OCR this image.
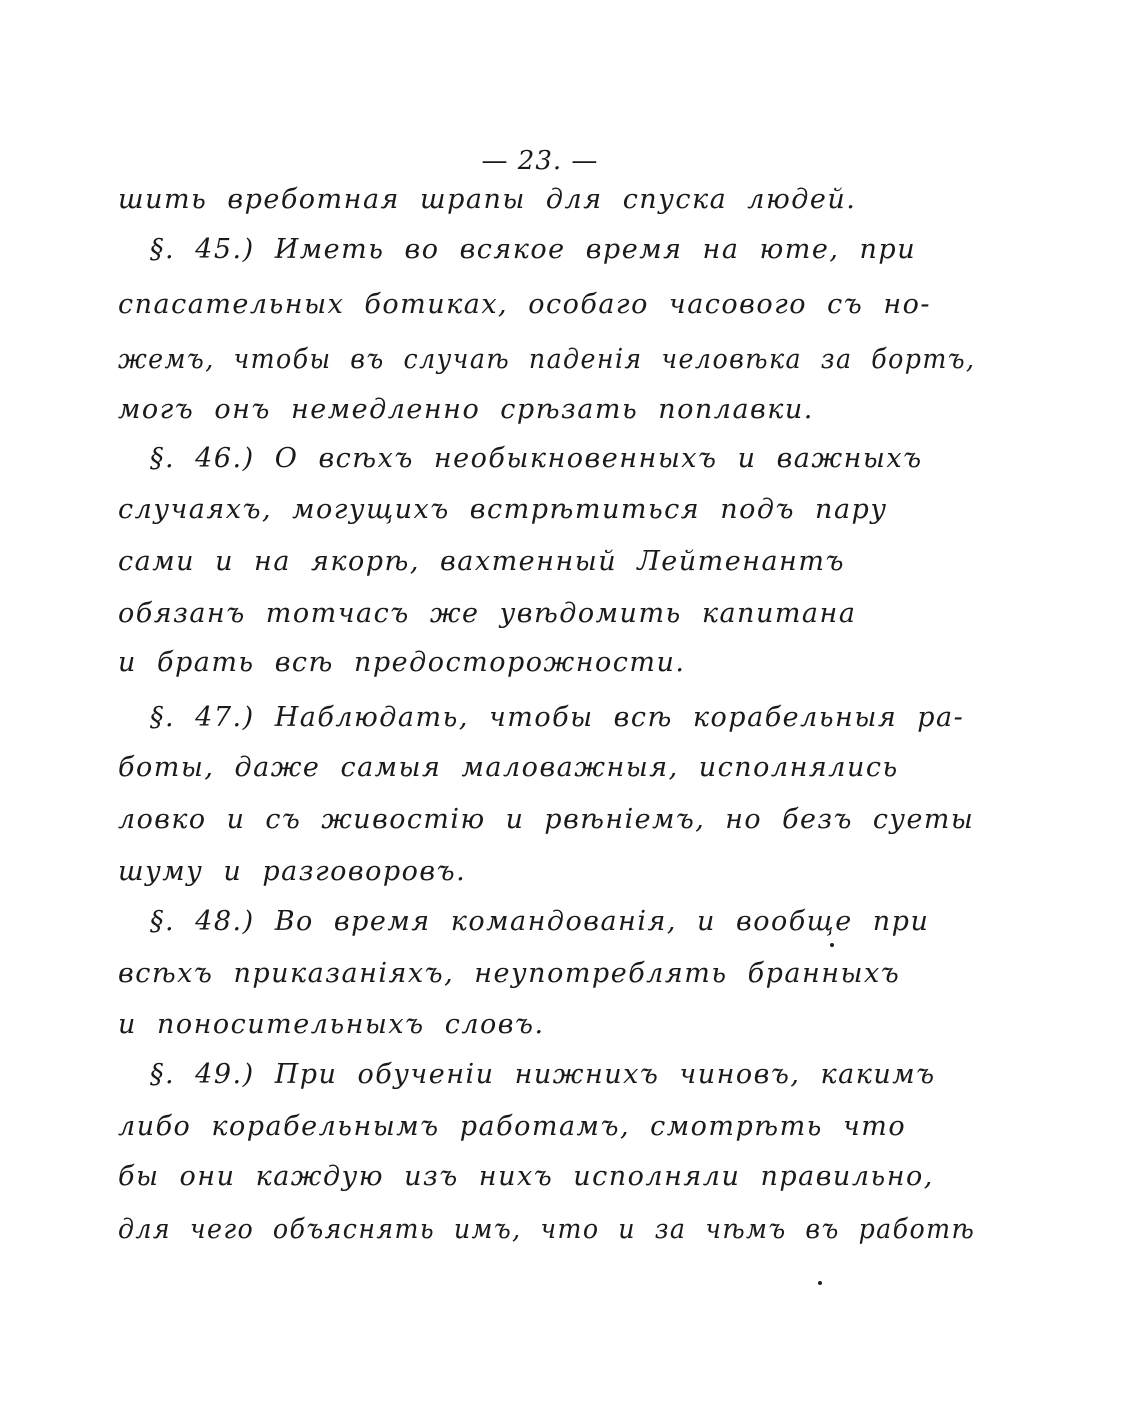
— 23. —
шить вреботная шрапы для спуска людей.
§. 45.) Иметь во всякое время на юте, при
спасательных ботиках, особаго часового съ но-
жемъ, чтобы въ случаѣ паденія человѣка за бортъ,
могъ онъ немедленно срѣзать поплавки.
§. 46.) О всѣхъ необыкновенныхъ и важныхъ
случаяхъ, могущихъ встрѣтиться подъ пару
сами и на якорѣ, вахтенный Лейтенантъ
обязанъ тотчасъ же увѣдомить капитана
и брать всѣ предосторожности.
§. 47.) Наблюдать, чтобы всѣ корабельныя ра-
боты, даже самыя маловажныя, исполнялись
ловко и съ живостію и рвѣніемъ, но безъ суеты
шуму и разговоровъ.
§. 48.) Во время командованія, и вообще при
всѣхъ приказаніяхъ, неупотреблять бранныхъ
и поносительныхъ словъ.
§. 49.) При обученіи нижнихъ чиновъ, какимъ
либо корабельнымъ работамъ, смотрѣть что
бы они каждую изъ нихъ исполняли правильно,
для чего объяснять имъ, что и за чѣмъ въ работѣ
